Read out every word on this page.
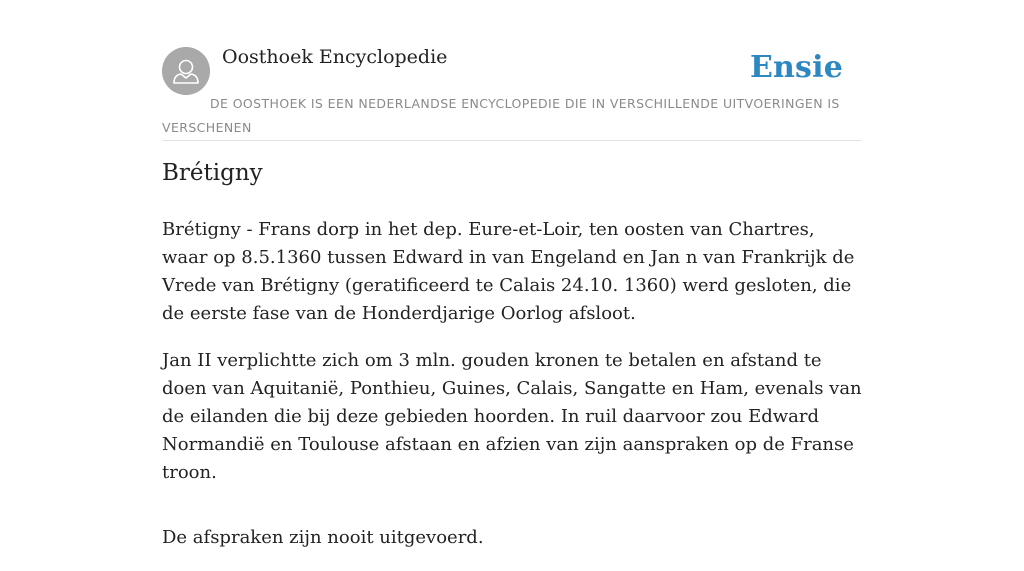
Oosthoek Encyclopedie	Ensie
DE OOSTHOEK IS EEN NEDERLANDSE ENCYCLOPEDIE DIE IN VERSCHILLENDE UITVOERINGEN IS VERSCHENEN
Brétigny

Brétigny - Frans dorp in het dep. Eure-et-Loir, ten oosten van Chartres, waar op 8.5.1360 tussen Edward in van Engeland en Jan n van Frankrijk de Vrede van Brétigny (geratificeerd te Calais 24.10. 1360) werd gesloten, die de eerste fase van de Honderdjarige Oorlog afsloot.

Jan II verplichtte zich om 3 mln. gouden kronen te betalen en afstand te doen van Aquitanië, Ponthieu, Guines, Calais, Sangatte en Ham, evenals van de eilanden die bij deze gebieden hoorden. In ruil daarvoor zou Edward Normandië en Toulouse afstaan en afzien van zijn aanspraken op de Franse troon.

De afspraken zijn nooit uitgevoerd.
